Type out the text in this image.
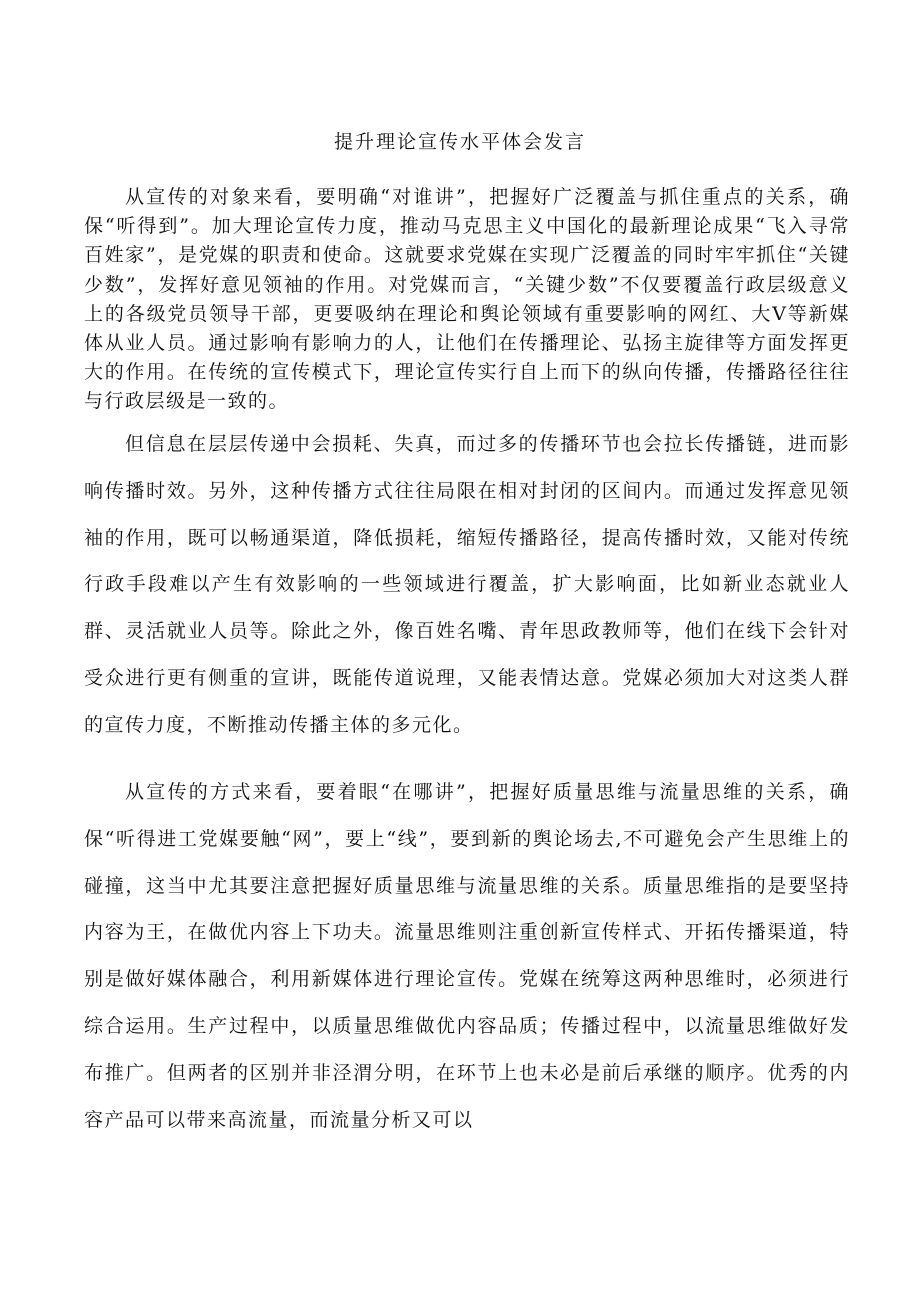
提升理论宣传水平体会发言

从宣传的对象来看，要明确“对谁讲”，把握好广泛覆盖与抓住重点的关系，确保“听得到”。加大理论宣传力度，推动马克思主义中国化的最新理论成果“飞入寻常百姓家”，是党媒的职责和使命。这就要求党媒在实现广泛覆盖的同时牢牢抓住“关键少数”，发挥好意见领袖的作用。对党媒而言，“关键少数”不仅要覆盖行政层级意义上的各级党员领导干部，更要吸纳在理论和舆论领域有重要影响的网红、大V等新媒体从业人员。通过影响有影响力的人，让他们在传播理论、弘扬主旋律等方面发挥更大的作用。在传统的宣传模式下，理论宣传实行自上而下的纵向传播，传播路径往往与行政层级是一致的。

但信息在层层传递中会损耗、失真，而过多的传播环节也会拉长传播链，进而影响传播时效。另外，这种传播方式往往局限在相对封闭的区间内。而通过发挥意见领袖的作用，既可以畅通渠道，降低损耗，缩短传播路径，提高传播时效，又能对传统行政手段难以产生有效影响的一些领域进行覆盖，扩大影响面，比如新业态就业人群、灵活就业人员等。除此之外，像百姓名嘴、青年思政教师等，他们在线下会针对受众进行更有侧重的宣讲，既能传道说理，又能表情达意。党媒必须加大对这类人群的宣传力度，不断推动传播主体的多元化。

从宣传的方式来看，要着眼“在哪讲”，把握好质量思维与流量思维的关系，确保“听得进工党媒要触“网”，要上“线”，要到新的舆论场去,不可避免会产生思维上的碰撞，这当中尤其要注意把握好质量思维与流量思维的关系。质量思维指的是要坚持内容为王，在做优内容上下功夫。流量思维则注重创新宣传样式、开拓传播渠道，特别是做好媒体融合，利用新媒体进行理论宣传。党媒在统筹这两种思维时，必须进行综合运用。生产过程中，以质量思维做优内容品质；传播过程中，以流量思维做好发布推广。但两者的区别并非泾渭分明，在环节上也未必是前后承继的顺序。优秀的内容产品可以带来高流量，而流量分析又可以
